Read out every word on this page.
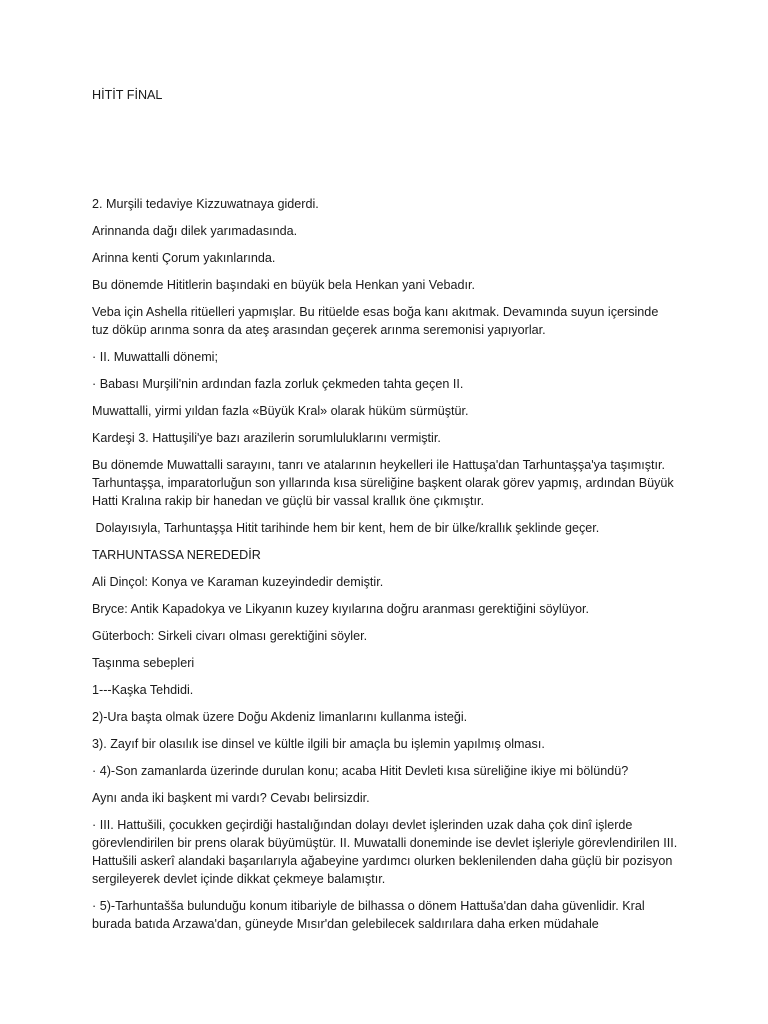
HİTİT FİNAL

2. Murşili tedaviye Kizzuwatnaya giderdi.

Arinnanda dağı dilek yarımadasında.

Arinna kenti Çorum yakınlarında.

Bu dönemde Hititlerin başındaki en büyük bela Henkan yani Vebadır.

Veba için Ashella ritüelleri yapmışlar. Bu ritüelde esas boğa kanı akıtmak. Devamında suyun içersinde tuz döküp arınma sonra da ateş arasından geçerek arınma seremonisi yapıyorlar.

· II. Muwattalli dönemi;

· Babası Murşili'nin ardından fazla zorluk çekmeden tahta geçen II.

Muwattalli, yirmi yıldan fazla «Büyük Kral» olarak hüküm sürmüştür.

Kardeşi 3. Hattuşili'ye bazı arazilerin sorumluluklarını vermiştir.

Bu dönemde Muwattalli sarayını, tanrı ve atalarının heykelleri ile Hattuşa'dan Tarhuntaşşa'ya taşımıştır. Tarhuntaşşa, imparatorluğun son yıllarında kısa süreliğine başkent olarak görev yapmış, ardından Büyük Hatti Kralına rakip bir hanedan ve güçlü bir vassal krallık öne çıkmıştır.

Dolayısıyla, Tarhuntaşşa Hitit tarihinde hem bir kent, hem de bir ülke/krallık şeklinde geçer.

TARHUNTASSA NEREDEDİR

Ali Dinçol: Konya ve Karaman kuzeyindedir demiştir.

Bryce: Antik Kapadokya ve Likyanın kuzey kıyılarına doğru aranması gerektiğini söylüyor.

Güterboch: Sirkeli civarı olması gerektiğini söyler.

Taşınma sebepleri

1---Kaşka Tehdidi.

2)-Ura başta olmak üzere Doğu Akdeniz limanlarını kullanma isteği.

3). Zayıf bir olasılık ise dinsel ve kültle ilgili bir amaçla bu işlemin yapılmış olması.

· 4)-Son zamanlarda üzerinde durulan konu; acaba Hitit Devleti kısa süreliğine ikiye mi bölündü?

Aynı anda iki başkent mi vardı? Cevabı belirsizdir.

· III. Hattušili, çocukken geçirdiği hastalığından dolayı devlet işlerinden uzak daha çok dinî işlerde görevlendirilen bir prens olarak büyümüştür. II. Muwatalli doneminde ise devlet işleriyle görevlendirilen III. Hattušili askerî alandaki başarılarıyla ağabeyine yardımcı olurken beklenilenden daha güçlü bir pozisyon sergileyerek devlet içinde dikkat çekmeye balamıştır.

· 5)-Tarhuntašša bulunduğu konum itibariyle de bilhassa o dönem Hattuša'dan daha güvenlidir. Kral burada batıda Arzawa'dan, güneyde Mısır'dan gelebilecek saldırılara daha erken müdahale
